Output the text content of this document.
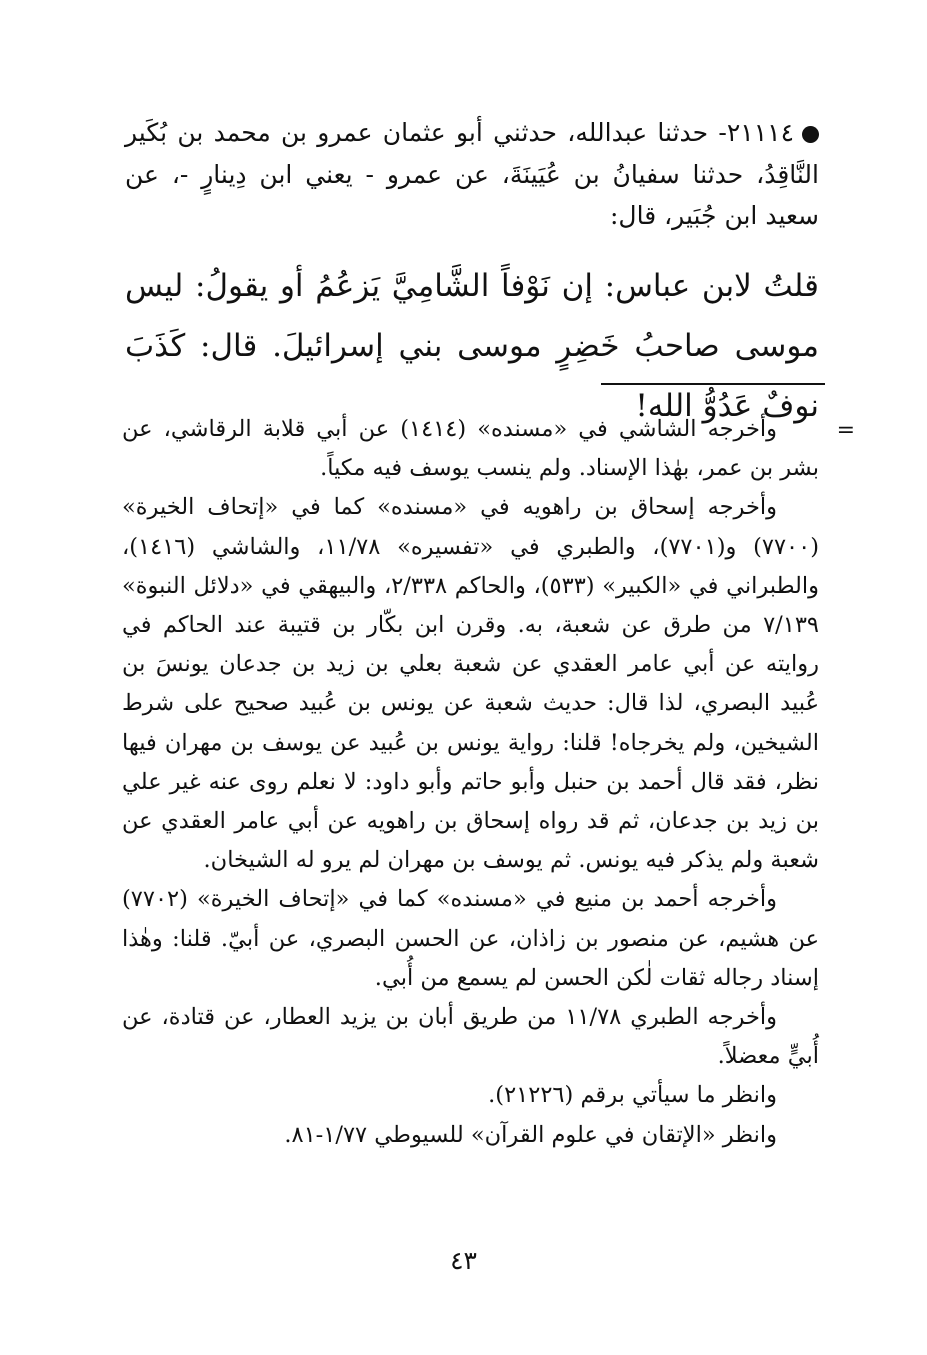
٢١١١٤- حدثنا عبدالله، حدثني أبو عثمان عمرو بن محمد بن بُكَير النَّاقِدُ، حدثنا سفيانُ بن عُيَينَةَ، عن عمرو - يعني ابن دِينارٍ -، عن سعيد ابن جُبَير، قال:
قلتُ لابن عباس: إن نَوْفاً الشَّامِيَّ يَزعُمُ أو يقولُ: ليس موسى صاحبُ خَضِرٍ موسى بني إسرائيلَ. قال: كَذَبَ نوفٌ عَدُوُّ الله!
=

وأخرجه الشاشي في «مسنده» (١٤١٤) عن أبي قلابة الرقاشي، عن بشر بن عمر، بهٰذا الإسناد. ولم ينسب يوسف فيه مكياً.

وأخرجه إسحاق بن راهويه في «مسنده» كما في «إتحاف الخيرة» (٧٧٠٠) و(٧٧٠١)، والطبري في «تفسيره» ١١/٧٨، والشاشي (١٤١٦)، والطبراني في «الكبير» (٥٣٣)، والحاكم ٢/٣٣٨، والبيهقي في «دلائل النبوة» ٧/١٣٩ من طرق عن شعبة، به. وقرن ابن بكّار بن قتيبة عند الحاكم في روايته عن أبي عامر العقدي عن شعبة بعلي بن زيد بن جدعان يونسَ بن عُبيد البصري، لذا قال: حديث شعبة عن يونس بن عُبيد صحيح على شرط الشيخين، ولم يخرجاه! قلنا: رواية يونس بن عُبيد عن يوسف بن مهران فيها نظر، فقد قال أحمد بن حنبل وأبو حاتم وأبو داود: لا نعلم روى عنه غير علي بن زيد بن جدعان، ثم قد رواه إسحاق بن راهويه عن أبي عامر العقدي عن شعبة ولم يذكر فيه يونس. ثم يوسف بن مهران لم يرو له الشيخان.

وأخرجه أحمد بن منيع في «مسنده» كما في «إتحاف الخيرة» (٧٧٠٢) عن هشيم، عن منصور بن زاذان، عن الحسن البصري، عن أبيّ. قلنا: وهٰذا إسناد رجاله ثقات لٰكن الحسن لم يسمع من أُبي.

وأخرجه الطبري ١١/٧٨ من طريق أبان بن يزيد العطار، عن قتادة، عن أُبيٍّ معضلاً.

وانظر ما سيأتي برقم (٢١٢٢٦).

وانظر «الإتقان في علوم القرآن» للسيوطي ١/٧٧-٨١.

٤٣
